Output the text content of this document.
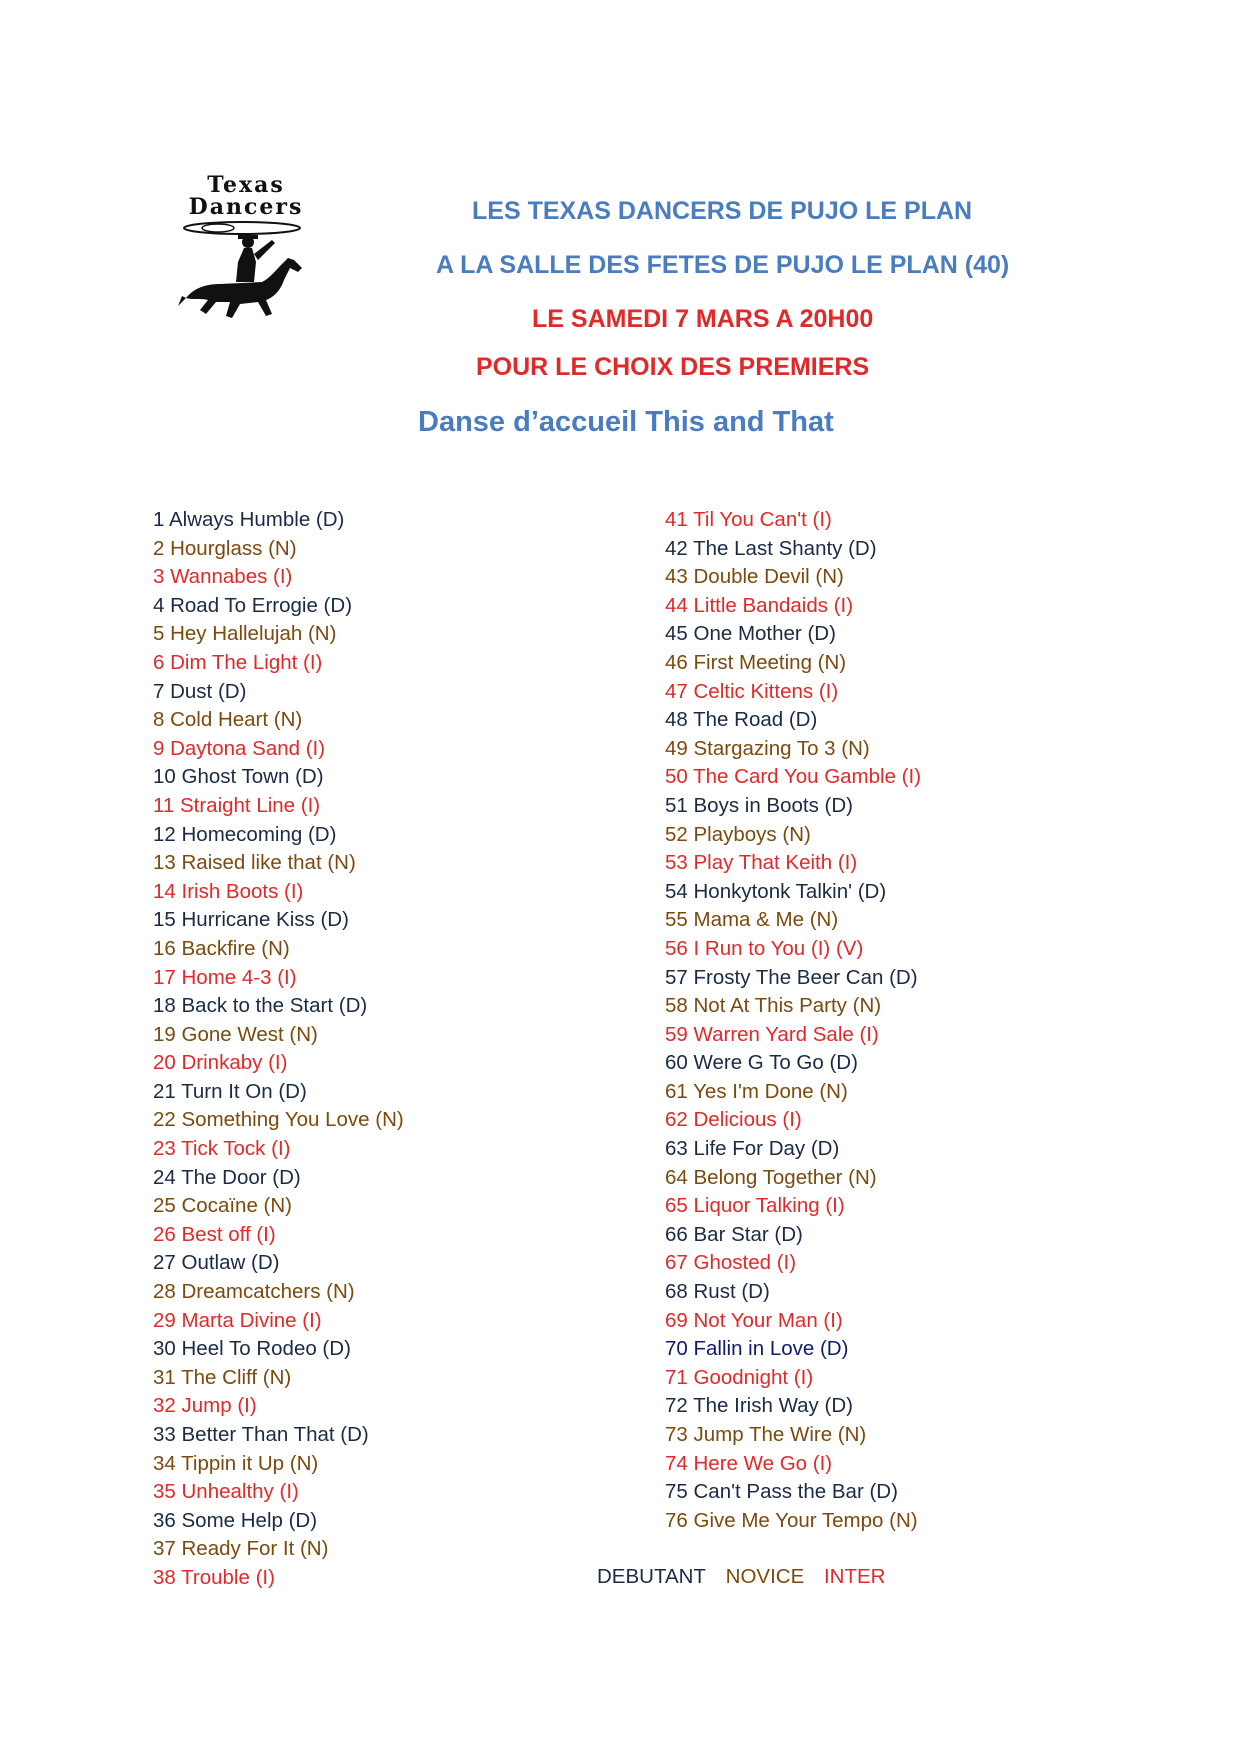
Texas
Dancers	LES TEXAS DANCERS DE PUJO LE PLAN
A LA SALLE DES FETES DE PUJO LE PLAN (40)
LE SAMEDI 7 MARS A 20H00
POUR LE CHOIX DES PREMIERS
Danse d’accueil This and That
1 Always Humble (D)
2 Hourglass (N)
3 Wannabes (I)
4 Road To Errogie (D)
5 Hey Hallelujah (N)
6 Dim The Light (I)
7 Dust (D)
8 Cold Heart (N)
9 Daytona Sand (I)
10 Ghost Town (D)
11 Straight Line (I)
12 Homecoming (D)
13 Raised like that (N)
14 Irish Boots (I)
15 Hurricane Kiss (D)
16 Backfire (N)
17 Home 4-3 (I)
18 Back to the Start (D)
19 Gone West (N)
20 Drinkaby (I)
21 Turn It On (D)
22 Something You Love (N)
23 Tick Tock (I)
24 The Door (D)
25 Cocaïne (N)
26 Best off (I)
27 Outlaw (D)
28 Dreamcatchers (N)
29 Marta Divine (I)
30 Heel To Rodeo (D)
31 The Cliff (N)
32 Jump (I)
33 Better Than That (D)
34 Tippin it Up (N)
35 Unhealthy (I)
36 Some Help (D)
37 Ready For It (N)
38 Trouble (I)
41 Til You Can't (I)
42 The Last Shanty (D)
43 Double Devil (N)
44 Little Bandaids (I)
45 One Mother (D)
46 First Meeting (N)
47 Celtic Kittens (I)
48 The Road (D)
49 Stargazing To 3 (N)
50 The Card You Gamble (I)
51 Boys in Boots (D)
52 Playboys (N)
53 Play That Keith (I)
54 Honkytonk Talkin' (D)
55 Mama & Me (N)
56 I Run to You (I) (V)
57 Frosty The Beer Can (D)
58 Not At This Party (N)
59 Warren Yard Sale (I)
60 Were G To Go (D)
61 Yes I'm Done (N)
62 Delicious (I)
63 Life For Day (D)
64 Belong Together (N)
65 Liquor Talking (I)
66 Bar Star (D)
67 Ghosted (I)
68 Rust (D)
69 Not Your Man (I)
70 Fallin in Love (D)
71 Goodnight (I)
72 The Irish Way (D)
73 Jump The Wire (N)
74 Here We Go (I)
75 Can't Pass the Bar (D)
76 Give Me Your Tempo (N)
DEBUTANT NOVICE INTER
